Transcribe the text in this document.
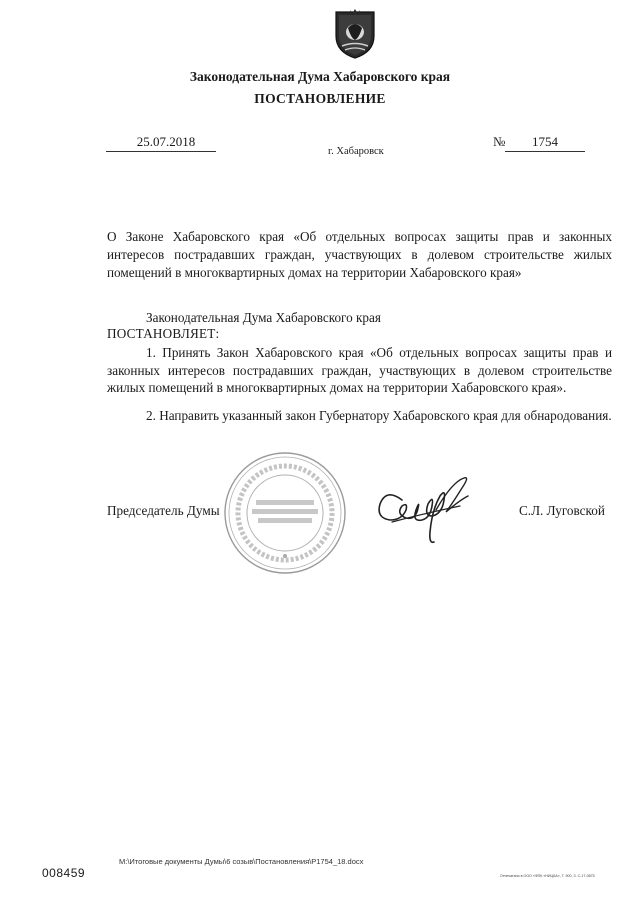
Законодательная Дума Хабаровского края
ПОСТАНОВЛЕНИЕ
25.07.2018
г. Хабаровск
№	1754
О Законе Хабаровского края «Об отдельных вопросах защиты прав и законных интересов пострадавших граждан, участвующих в долевом строительстве жилых помещений в многоквартирных домах на территории Хабаровского края»
Законодательная Дума Хабаровского края
ПОСТАНОВЛЯЕТ:
1. Принять Закон Хабаровского края «Об отдельных вопросах защиты прав и законных интересов пострадавших граждан, участвующих в долевом строительстве жилых помещений в многоквартирных домах на территории Хабаровского края».
2. Направить указанный закон Губернатору Хабаровского края для обнародования.
Председатель Думы	С.Л. Луговской
М:\Итоговые документы Думы\6 созыв\Постановления\Р1754_18.docx
008459	Отпечатано в ООО «ФПК «НИЦКА», Т. 900, З. С-17-0875
